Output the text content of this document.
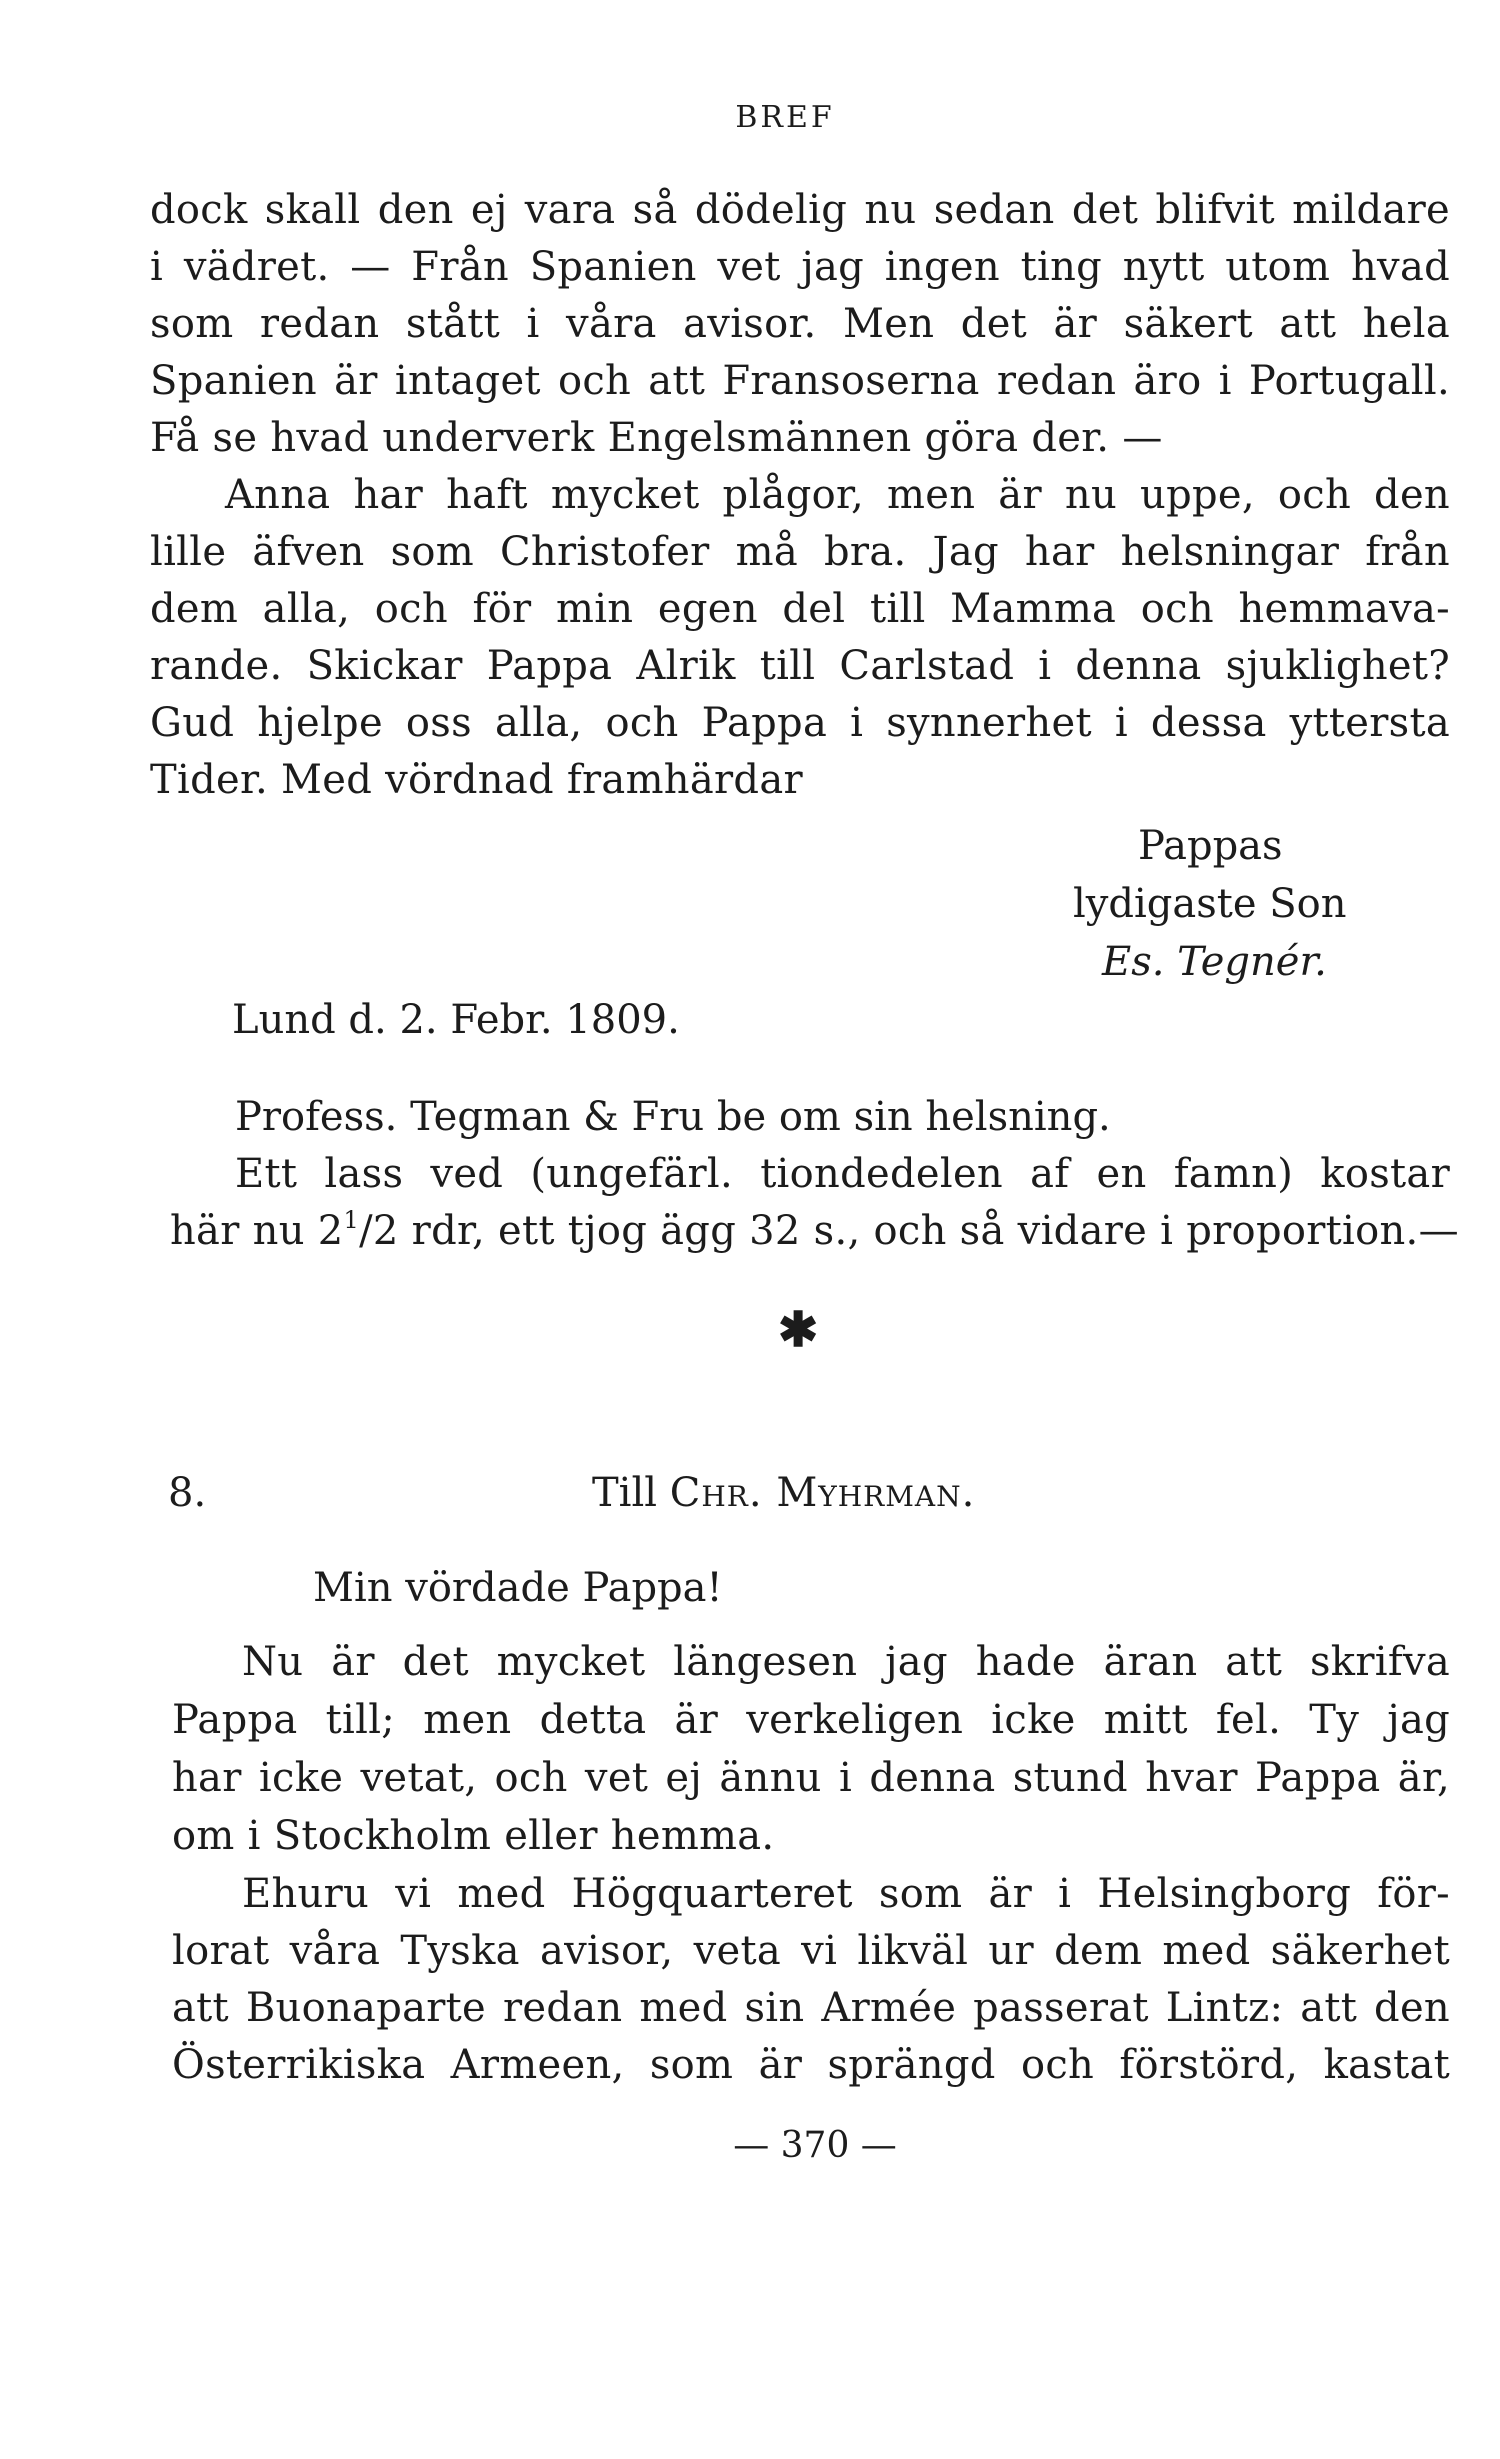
BREF
dock skall den ej vara så dödelig nu sedan det blifvit mildare
i vädret. — Från Spanien vet jag ingen ting nytt utom hvad
som redan stått i våra avisor. Men det är säkert att hela
Spanien är intaget och att Fransoserna redan äro i Portugall.
Få se hvad underverk Engelsmännen göra der. —
Anna har haft mycket plågor, men är nu uppe, och den
lille äfven som Christofer må bra. Jag har helsningar från
dem alla, och för min egen del till Mamma och hemmava-
rande. Skickar Pappa Alrik till Carlstad i denna sjuklighet?
Gud hjelpe oss alla, och Pappa i synnerhet i dessa yttersta
Tider. Med vördnad framhärdar
Pappas
lydigaste Son
Es. Tegnér.
Lund d. 2. Febr. 1809.
Profess. Tegman & Fru be om sin helsning.
Ett lass ved (ungefärl. tiondedelen af en famn) kostar
här nu $2^1/2$ rdr, ett tjog ägg 32 s., och så vidare i proportion.—
✱
8.	Till Chr. Myhrman.
Min vördade Pappa!
Nu är det mycket längesen jag hade äran att skrifva
Pappa till; men detta är verkeligen icke mitt fel. Ty jag
har icke vetat, och vet ej ännu i denna stund hvar Pappa är,
om i Stockholm eller hemma.
Ehuru vi med Högquarteret som är i Helsingborg för-
lorat våra Tyska avisor, veta vi likväl ur dem med säkerhet
att Buonaparte redan med sin Armée passerat Lintz: att den
Österrikiska Armeen, som är sprängd och förstörd, kastat
— 370 —
